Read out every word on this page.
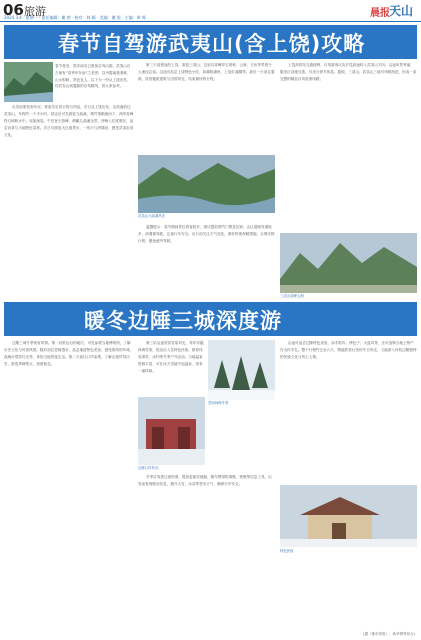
06 旅游
2024.3.4 · 星期一 · 责任编辑：谢 婷 · 校对：林 颖 · 美编：谢 锐 · 主编：黄 辉	晨报
天山
春节自驾游武夷山(含上饶)攻略
春节将至，很多朋友已准备自驾出游。武夷山自古就有“奇秀甲东南”之美誉，以丹霞地貌著称，山水相映，景色宜人。以下为一份从上饶出发、经武夷山到婺源的自驾路线，供大家参考。

出发前需检查车况，准备充足的衣物与药品。首日从上饶出发，沿高速前往武夷山，车程约一个半小时。抵达后可先游览九曲溪，乘竹筏顺流而下，两岸奇峰怪石倒映水中，宛如画卷。午后登天游峰，俯瞰九曲溪全景，傍晚入住度假区，品尝岩茶与当地特色菜肴。次日可游览大红袍景区、一线天与虎啸岩，感受武夷岩茶文化。

第三天返程途经上饶，游览三清山，这里以奇峰异石著称，云海、日出等景观令人流连忘返。沿途可品尝上饶特色小吃，如鄱阳湖鱼、上饶灯盏粿等。最后一天前往婺源，欣赏徽派建筑与田园风光，结束愉快的行程。

武夷山九曲溪风光

温馨提示：春节期间景区游客较多，建议提前预约门票及住宿；山区道路弯道较多，请谨慎驾驶，注意行车安全。出行前关注天气变化，做好防寒保暖措施，合理安排行程，避免疲劳驾驶。

上饶高铁站交通便利，自驾游客可由沪昆高速转入武夷山方向。沿途风景秀丽，服务区设施完善，可适当停车休息。婺源、三清山、武夷山三地可串联游览，形成一条完整的精品自驾旅游线路。

三清山奇峰云海
暖冬边陲三城深度游

边陲三城冬季别有风情。第一站抵达目的地后，可先参观当地博物馆，了解历史文化与民俗风情。随后前往老街漫步，品尝地道特色美食，感受浓浓的年味。夜晚可观赏灯光秀，体验当地的夜生活。第二天前往口岸参观，了解边境贸易历史，游览界碑景点，拍照留念。

第三站沿途欣赏雪原风光，驾车穿越林海雪原，抵达后入住特色民宿。推荐体验滑雪、冰钓等冬季户外活动。当地温泉资源丰富，可在冰天雪地中泡温泉，别有一番风味。

边陲口岸风光

冬季自驾需注意防滑，提前更换雪地胎，随车携带防滑链、铁锹等应急工具。出发前查询路况信息，避开大雪、冰冻等恶劣天气，确保行车安全。

雪原林海冬景

沿途可品尝边陲特色美食，如手抓肉、烤包子、大盘鸡等，还可选购当地土特产作为伴手礼。整个行程约五至六天，既能欣赏壮美的冬日风光，又能深入体验边陲独特的民族文化与风土人情。

特色民宿
(据《都市快报》、新华网等综合)
